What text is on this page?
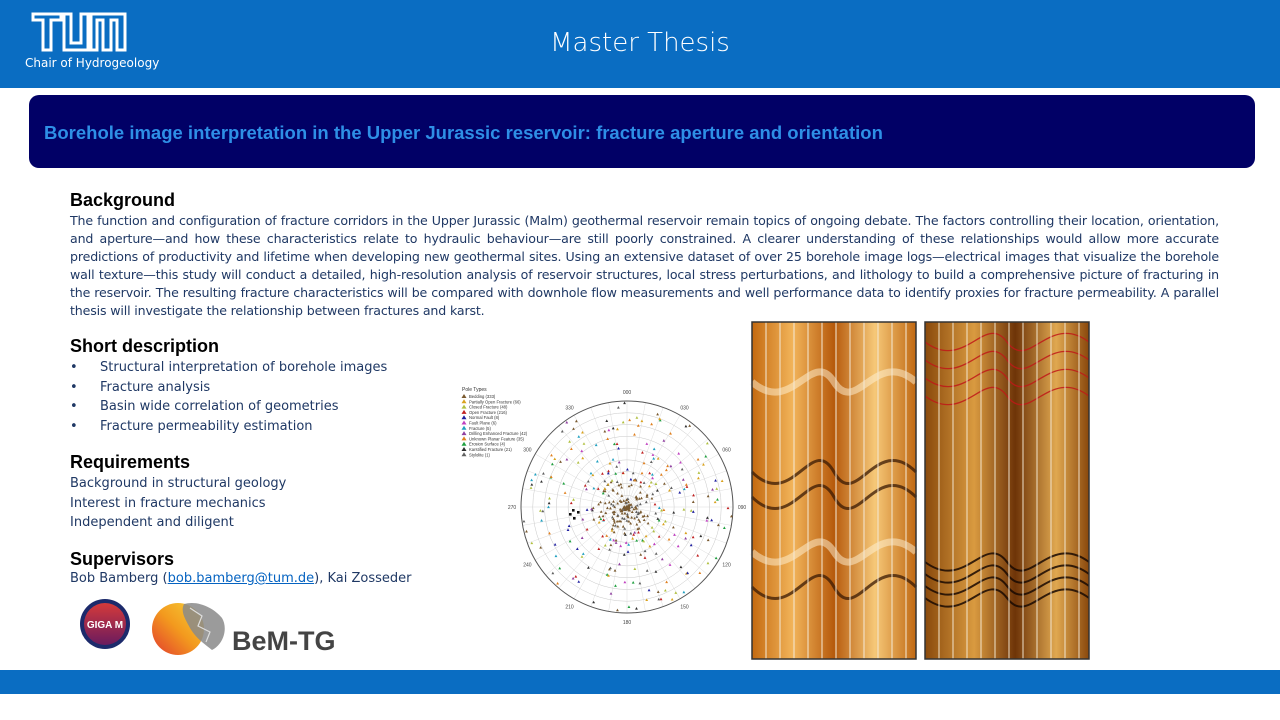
Chair of Hydrogeology
Master Thesis
Borehole image interpretation in the Upper Jurassic reservoir: fracture aperture and orientation
Background
The function and configuration of fracture corridors in the Upper Jurassic (Malm) geothermal reservoir remain topics of ongoing debate. The factors controlling their location, orientation, and aperture—and how these characteristics relate to hydraulic behaviour—are still poorly constrained. A clearer understanding of these relationships would allow more accurate predictions of productivity and lifetime when developing new geothermal sites. Using an extensive dataset of over 25 borehole image logs—electrical images that visualize the borehole wall texture—this study will conduct a detailed, high-resolution analysis of reservoir structures, local stress perturbations, and lithology to build a comprehensive picture of fracturing in the reservoir. The resulting fracture characteristics will be compared with downhole flow measurements and well performance data to identify proxies for fracture permeability. A parallel thesis will investigate the relationship between fractures and karst.
Short description
• Structural interpretation of borehole images
• Fracture analysis
• Basin wide correlation of geometries
• Fracture permeability estimation
Requirements
Background in structural geology
Interest in fracture mechanics
Independent and diligent
Supervisors
Bob Bamberg (bob.bamberg@tum.de), Kai Zosseder
GIGA M
BeM-TG
000
030
060
090
120
150
180
210
240
270
300
330
Pole Types
Bedding (333)
Partially Open Fracture (66)
Closed Fracture (48)
Open Fracture (216)
Normal Fault (8)
Fault Plane (6)
Fracture (5)
Drilling Enhanced Fracture (42)
Unknown Planar Feature (35)
Erosion Surface (4)
Karstified Fracture (21)
Stylolite (1)
